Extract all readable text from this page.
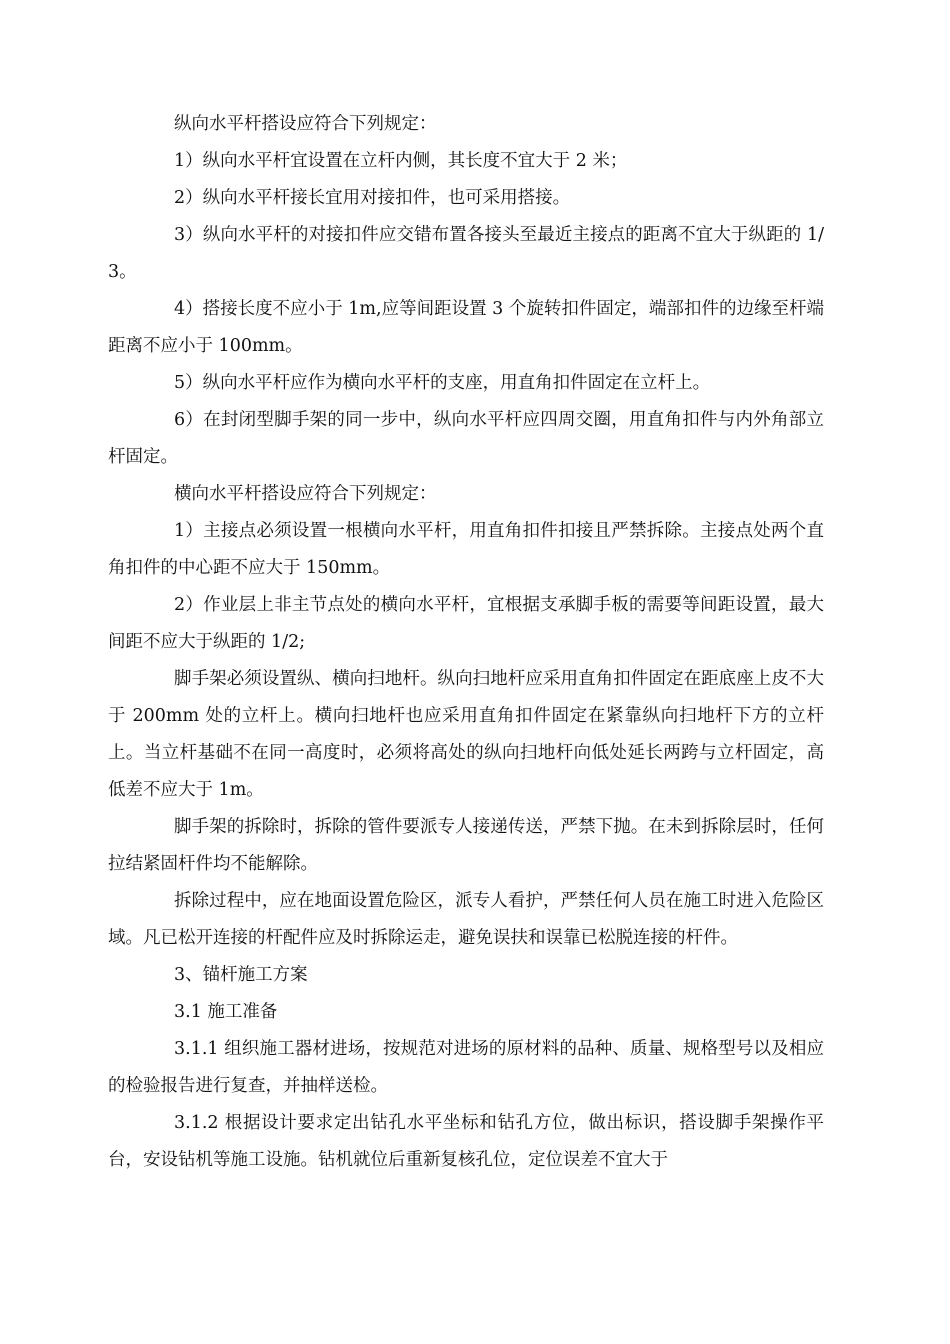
纵向水平杆搭设应符合下列规定：

1）纵向水平杆宜设置在立杆内侧，其长度不宜大于 2 米；

2）纵向水平杆接长宜用对接扣件，也可采用搭接。

3）纵向水平杆的对接扣件应交错布置各接头至最近主接点的距离不宜大于纵距的 1/3。

4）搭接长度不应小于 1m,应等间距设置 3 个旋转扣件固定，端部扣件的边缘至杆端距离不应小于 100mm。

5）纵向水平杆应作为横向水平杆的支座，用直角扣件固定在立杆上。

6）在封闭型脚手架的同一步中，纵向水平杆应四周交圈，用直角扣件与内外角部立杆固定。

横向水平杆搭设应符合下列规定：

1）主接点必须设置一根横向水平杆，用直角扣件扣接且严禁拆除。主接点处两个直角扣件的中心距不应大于 150mm。

2）作业层上非主节点处的横向水平杆，宜根据支承脚手板的需要等间距设置，最大间距不应大于纵距的 1/2;

脚手架必须设置纵、横向扫地杆。纵向扫地杆应采用直角扣件固定在距底座上皮不大于 200mm 处的立杆上。横向扫地杆也应采用直角扣件固定在紧靠纵向扫地杆下方的立杆上。当立杆基础不在同一高度时，必须将高处的纵向扫地杆向低处延长两跨与立杆固定，高低差不应大于 1m。

脚手架的拆除时，拆除的管件要派专人接递传送，严禁下抛。在未到拆除层时，任何拉结紧固杆件均不能解除。

拆除过程中，应在地面设置危险区，派专人看护，严禁任何人员在施工时进入危险区域。凡已松开连接的杆配件应及时拆除运走，避免误扶和误靠已松脱连接的杆件。

3、锚杆施工方案

3.1 施工准备

3.1.1 组织施工器材进场，按规范对进场的原材料的品种、质量、规格型号以及相应的检验报告进行复查，并抽样送检。

3.1.2 根据设计要求定出钻孔水平坐标和钻孔方位，做出标识，搭设脚手架操作平台，安设钻机等施工设施。钻机就位后重新复核孔位，定位误差不宜大于
